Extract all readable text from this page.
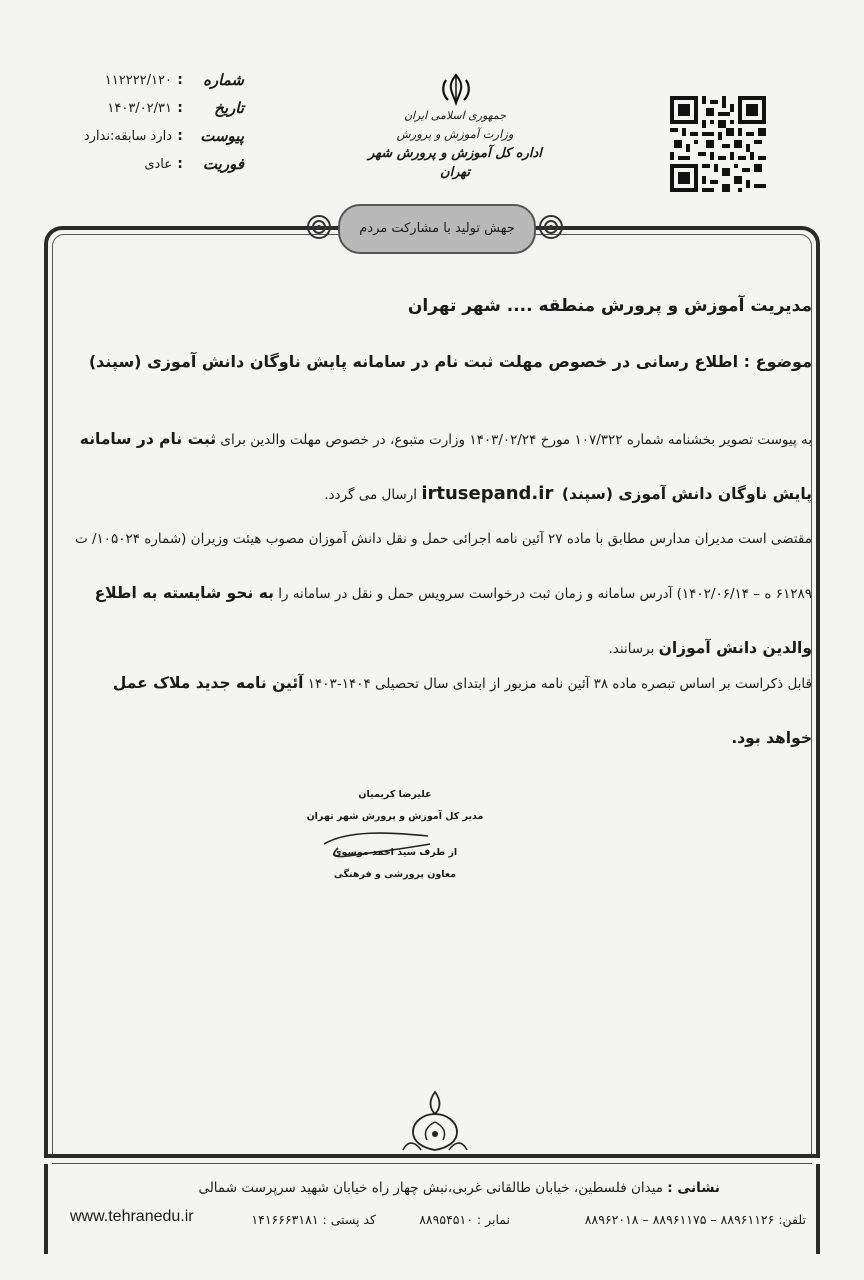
شماره
:
۱۱۲۲۲۲/۱۲۰
تاریخ
:
۱۴۰۳/۰۲/۳۱
پیوست
:
دارد سابقه:ندارد
فوریت
:
عادی
جمهوری اسلامی ایران
وزارت آموزش و پرورش
اداره کل آموزش و پرورش شهر تهران
جهش تولید با مشارکت مردم
مدیریت آموزش و پرورش منطقه .... شهر تهران
موضوع : اطلاع رسانی در خصوص مهلت ثبت نام در سامانه پایش ناوگان دانش آموزی (سپند)
به پیوست تصویر بخشنامه شماره ۱۰۷/۳۲۲ مورخ ۱۴۰۳/۰۲/۲۴ وزارت متبوع، در خصوص مهلت والدین برای ثبت نام در سامانه پایش ناوگان دانش آموزی (سپند)  irtusepand.ir ارسال می گردد.
مقتضی است مدیران مدارس مطابق با ماده ۲۷ آئین نامه اجرائی حمل و نقل دانش آموزان مصوب هیئت وزیران (شماره ۱۰۵۰۲۴/ ت ۶۱۲۸۹ ه – ۱۴۰۲/۰۶/۱۴) آدرس سامانه و زمان ثبت درخواست سرویس حمل و نقل در سامانه را به نحو شایسته به اطلاع والدین دانش آموزان برسانند.
قابل ذکراست بر اساس تبصره ماده ۳۸ آئین نامه مزبور از ابتدای سال تحصیلی ۱۴۰۴-۱۴۰۳ آئین نامه جدید ملاک عمل خواهد بود.
علیرضا کریمیان
مدیر کل آموزش و پرورش شهر تهران
از طرف سید احمد موسوی
معاون پرورشی و فرهنگی
نشانی : میدان فلسطین، خیابان طالقانی غربی،نبش چهار راه خیابان شهید سرپرست شمالی
تلفن: ۸۸۹۶۱۱۲۶ – ۸۸۹۶۱۱۷۵ – ۸۸۹۶۲۰۱۸
نمابر : ۸۸۹۵۴۵۱۰
کد پستی : ۱۴۱۶۶۶۳۱۸۱
www.tehranedu.ir
